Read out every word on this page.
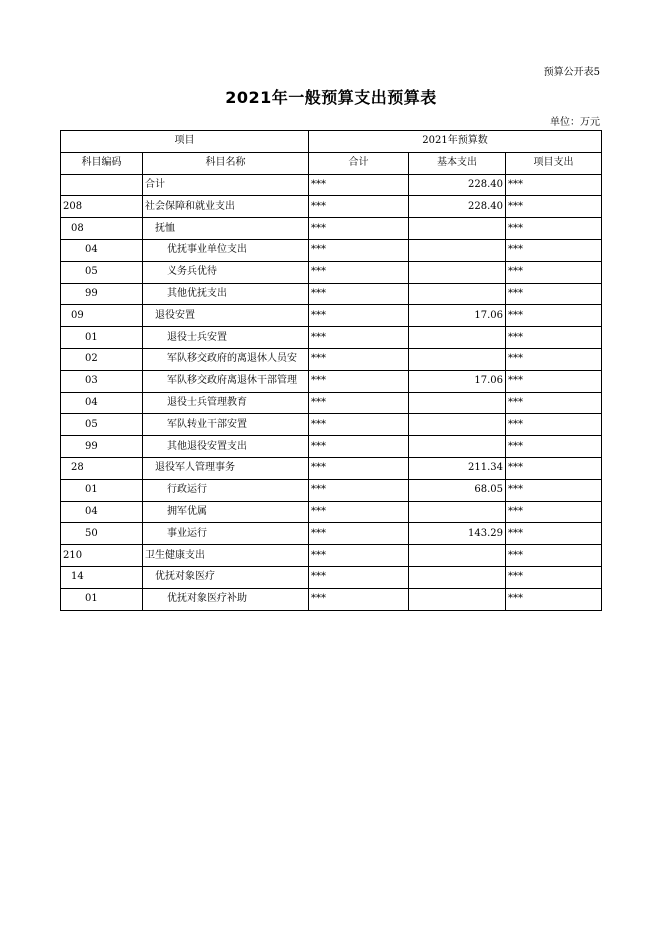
预算公开表5
2021年一般预算支出预算表
单位：万元
项目		2021年预算数		
科目编码	科目名称	合计	基本支出	项目支出
	合计	***	228.40	***
208	社会保障和就业支出	***	228.40	***
08	抚恤	***		***
04	优抚事业单位支出	***		***
05	义务兵优待	***		***
99	其他优抚支出	***		***
09	退役安置	***	17.06	***
01	退役士兵安置	***		***
02	军队移交政府的离退休人员安	***		***
03	军队移交政府离退休干部管理	***	17.06	***
04	退役士兵管理教育	***		***
05	军队转业干部安置	***		***
99	其他退役安置支出	***		***
28	退役军人管理事务	***	211.34	***
01	行政运行	***	68.05	***
04	拥军优属	***		***
50	事业运行	***	143.29	***
210	卫生健康支出	***		***
14	优抚对象医疗	***		***
01	优抚对象医疗补助	***		***
